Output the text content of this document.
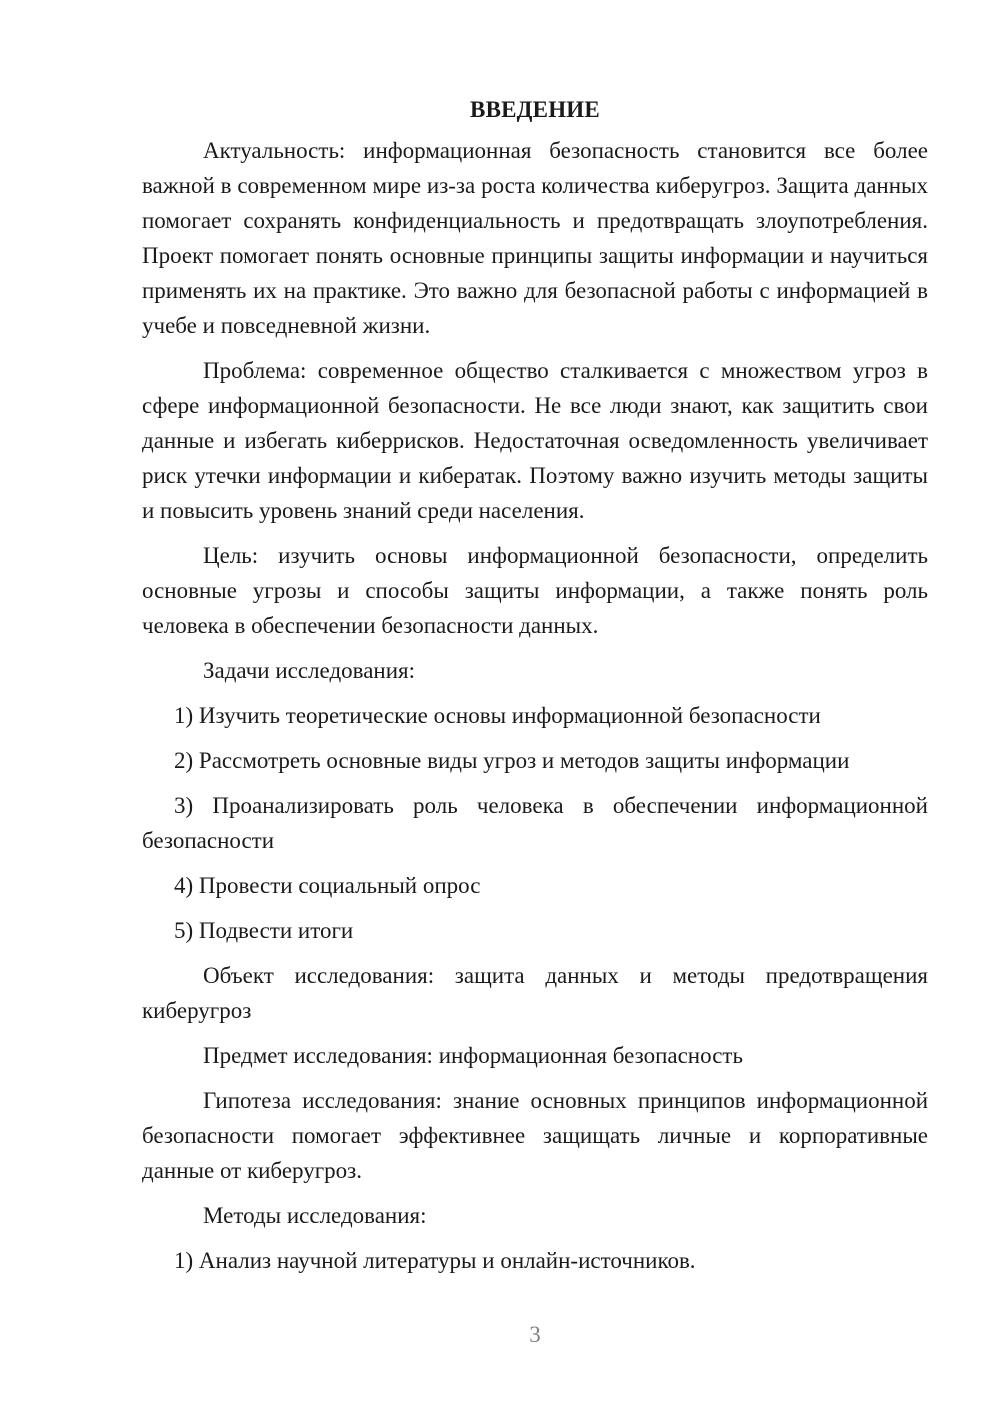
ВВЕДЕНИЕ

Актуальность: информационная безопасность становится все более важной в современном мире из-за роста количества киберугроз. Защита данных помогает сохранять конфиденциальность и предотвращать злоупотребления. Проект помогает понять основные принципы защиты информации и научиться применять их на практике. Это важно для безопасной работы с информацией в учебе и повседневной жизни.

Проблема: современное общество сталкивается с множеством угроз в сфере информационной безопасности. Не все люди знают, как защитить свои данные и избегать киберрисков. Недостаточная осведомленность увеличивает риск утечки информации и кибератак. Поэтому важно изучить методы защиты и повысить уровень знаний среди населения.

Цель: изучить основы информационной безопасности, определить основные угрозы и способы защиты информации, а также понять роль человека в обеспечении безопасности данных.

Задачи исследования:

1) Изучить теоретические основы информационной безопасности

2) Рассмотреть основные виды угроз и методов защиты информации

3) Проанализировать роль человека в обеспечении информационной безопасности

4) Провести социальный опрос

5) Подвести итоги

Объект исследования: защита данных и методы предотвращения киберугроз

Предмет исследования: информационная безопасность

Гипотеза исследования: знание основных принципов информационной безопасности помогает эффективнее защищать личные и корпоративные данные от киберугроз.

Методы исследования:

1) Анализ научной литературы и онлайн-источников.

3
